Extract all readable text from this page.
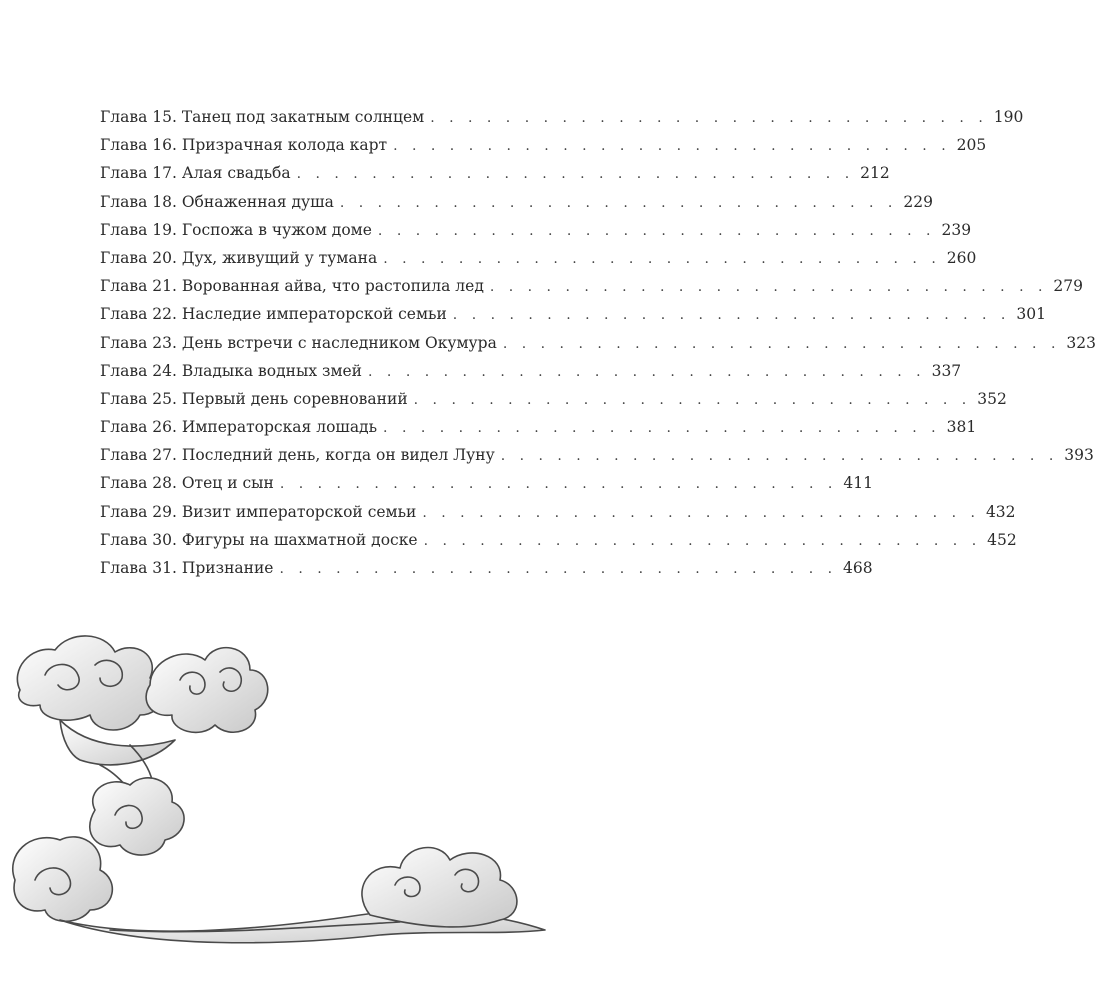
Глава 15.
Танец под закатным солнцем . . . . . . . . . . . . . . . . . . . . . . . . . . . . . . 190
Глава 16.
Призрачная колода карт . . . . . . . . . . . . . . . . . . . . . . . . . . . . . . 205
Глава 17.
Алая свадьба . . . . . . . . . . . . . . . . . . . . . . . . . . . . . . 212
Глава 18.
Обнаженная душа . . . . . . . . . . . . . . . . . . . . . . . . . . . . . . 229
Глава 19.
Госпожа в чужом доме . . . . . . . . . . . . . . . . . . . . . . . . . . . . . . 239
Глава 20.
Дух, живущий у тумана . . . . . . . . . . . . . . . . . . . . . . . . . . . . . . 260
Глава 21.
Ворованная айва, что растопила лед . . . . . . . . . . . . . . . . . . . . . . . . . . . . . . 279
Глава 22.
Наследие императорской семьи . . . . . . . . . . . . . . . . . . . . . . . . . . . . . . 301
Глава 23.
День встречи с наследником Окумура . . . . . . . . . . . . . . . . . . . . . . . . . . . . . . 323
Глава 24.
Владыка водных змей . . . . . . . . . . . . . . . . . . . . . . . . . . . . . . 337
Глава 25.
Первый день соревнований . . . . . . . . . . . . . . . . . . . . . . . . . . . . . . 352
Глава 26.
Императорская лошадь . . . . . . . . . . . . . . . . . . . . . . . . . . . . . . 381
Глава 27.
Последний день, когда он видел Луну . . . . . . . . . . . . . . . . . . . . . . . . . . . . . . 393
Глава 28.
Отец и сын . . . . . . . . . . . . . . . . . . . . . . . . . . . . . . 411
Глава 29.
Визит императорской семьи . . . . . . . . . . . . . . . . . . . . . . . . . . . . . . 432
Глава 30.
Фигуры на шахматной доске . . . . . . . . . . . . . . . . . . . . . . . . . . . . . . 452
Глава 31.
Признание . . . . . . . . . . . . . . . . . . . . . . . . . . . . . . 468
